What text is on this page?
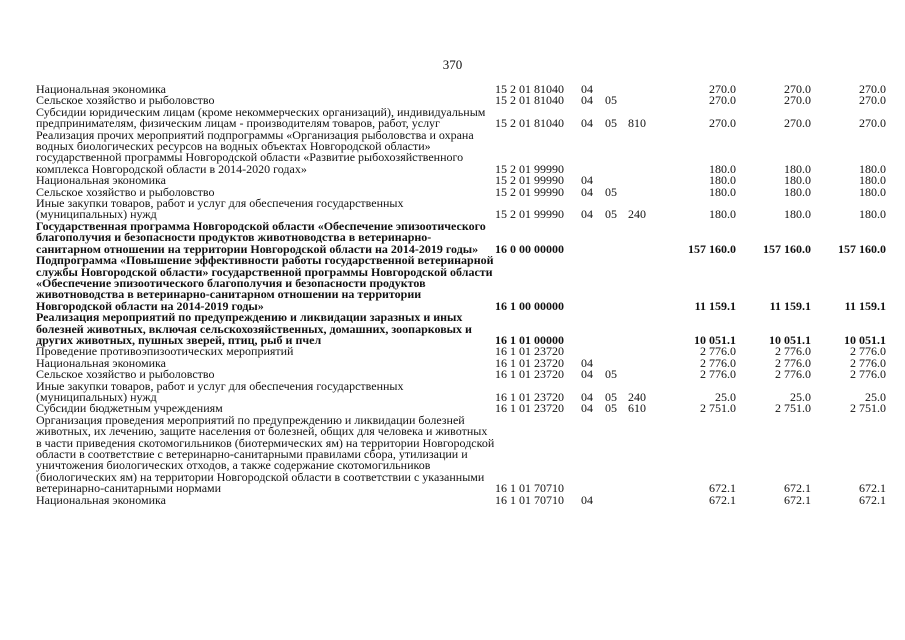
370
Национальная экономика	15 2 01 81040	04			270.0	270.0	270.0
Сельское хозяйство и рыболовство	15 2 01 81040	04	05		270.0	270.0	270.0
Субсидии юридическим лицам (кроме некоммерческих организаций), индивидуальным предпринимателям, физическим лицам - производителям товаров, работ, услуг	15 2 01 81040	04	05	810	270.0	270.0	270.0
Реализация прочих мероприятий подпрограммы «Организация рыболовства и охрана водных биологических ресурсов на водных объектах Новгородской области» государственной программы Новгородской области «Развитие рыбохозяйственного комплекса Новгородской области в 2014-2020 годах»	15 2 01 99990				180.0	180.0	180.0
Национальная экономика	15 2 01 99990	04			180.0	180.0	180.0
Сельское хозяйство и рыболовство	15 2 01 99990	04	05		180.0	180.0	180.0
Иные закупки товаров, работ и услуг для обеспечения государственных (муниципальных) нужд	15 2 01 99990	04	05	240	180.0	180.0	180.0
Государственная программа Новгородской области «Обеспечение эпизоотического благополучия и безопасности продуктов животноводства в ветеринарно-санитарном отношении на территории Новгородской области на 2014-2019 годы»	16 0 00 00000				157 160.0	157 160.0	157 160.0
Подпрограмма «Повышение эффективности работы государственной ветеринарной службы Новгородской области» государственной программы Новгородской области «Обеспечение эпизоотического благополучия и безопасности продуктов животноводства в ветеринарно-санитарном отношении на территории Новгородской области на 2014-2019 годы»	16 1 00 00000				11 159.1	11 159.1	11 159.1
Реализация мероприятий по предупреждению и ликвидации заразных и иных болезней животных, включая сельскохозяйственных, домашних, зоопарковых и других животных, пушных зверей, птиц, рыб и пчел	16 1 01 00000				10 051.1	10 051.1	10 051.1
Проведение противоэпизоотических мероприятий	16 1 01 23720				2 776.0	2 776.0	2 776.0
Национальная экономика	16 1 01 23720	04			2 776.0	2 776.0	2 776.0
Сельское хозяйство и рыболовство	16 1 01 23720	04	05		2 776.0	2 776.0	2 776.0
Иные закупки товаров, работ и услуг для обеспечения государственных (муниципальных) нужд	16 1 01 23720	04	05	240	25.0	25.0	25.0
Субсидии бюджетным учреждениям	16 1 01 23720	04	05	610	2 751.0	2 751.0	2 751.0
Организация проведения мероприятий по предупреждению и ликвидации болезней животных, их лечению, защите населения от болезней, общих для человека и животных в части приведения скотомогильников (биотермических ям) на территории Новгородской области в соответствие с ветеринарно-санитарными правилами сбора, утилизации и уничтожения биологических отходов, а также содержание скотомогильников (биологических ям) на территории Новгородской области в соответствии с указанными ветеринарно-санитарными нормами	16 1 01 70710				672.1	672.1	672.1
Национальная экономика	16 1 01 70710	04			672.1	672.1	672.1
